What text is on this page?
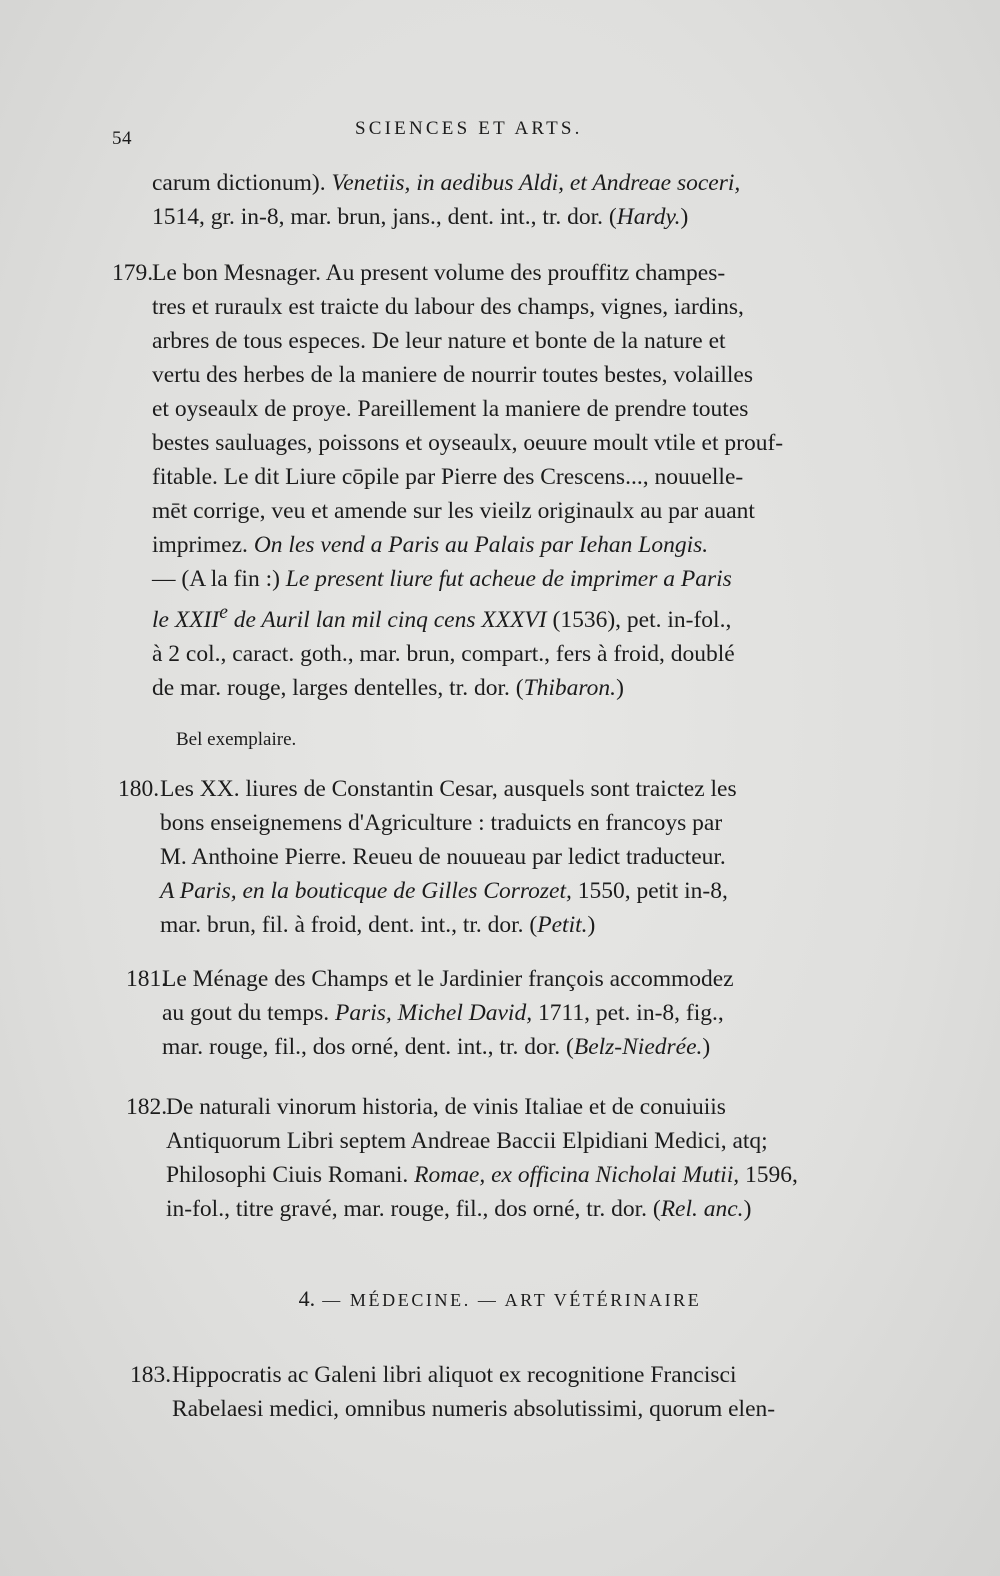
54	SCIENCES ET ARTS.
carum dictionum). Venetiis, in aedibus Aldi, et Andreae soceri,
1514, gr. in-8, mar. brun, jans., dent. int., tr. dor. (Hardy.)
179.
Le bon Mesnager. Au present volume des prouffitz champes-
tres et ruraulx est traicte du labour des champs, vignes, iardins,
arbres de tous especes. De leur nature et bonte de la nature et
vertu des herbes de la maniere de nourrir toutes bestes, volailles
et oyseaulx de proye. Pareillement la maniere de prendre toutes
bestes sauluages, poissons et oyseaulx, oeuure moult vtile et prouf-
fitable. Le dit Liure cōpile par Pierre des Crescens..., nouuelle-
mēt corrige, veu et amende sur les vieilz originaulx au par auant
imprimez. On les vend a Paris au Palais par Iehan Longis.
— (A la fin :) Le present liure fut acheue de imprimer a Paris
le XXIIe de Auril lan mil cinq cens XXXVI (1536), pet. in-fol.,
à 2 col., caract. goth., mar. brun, compart., fers à froid, doublé
de mar. rouge, larges dentelles, tr. dor. (Thibaron.)
Bel exemplaire.
180. Les XX. liures de Constantin Cesar, ausquels sont traictez les
bons enseignemens d'Agriculture : traduicts en francoys par
M. Anthoine Pierre. Reueu de nouueau par ledict traducteur.
A Paris, en la bouticque de Gilles Corrozet, 1550, petit in-8,
mar. brun, fil. à froid, dent. int., tr. dor. (Petit.)
181.
Le Ménage des Champs et le Jardinier françois accommodez
au gout du temps. Paris, Michel David, 1711, pet. in-8, fig.,
mar. rouge, fil., dos orné, dent. int., tr. dor. (Belz-Niedrée.)
182.
De naturali vinorum historia, de vinis Italiae et de conuiuiis
Antiquorum Libri septem Andreae Baccii Elpidiani Medici, atq;
Philosophi Ciuis Romani. Romae, ex officina Nicholai Mutii, 1596,
in-fol., titre gravé, mar. rouge, fil., dos orné, tr. dor. (Rel. anc.)
4. — MÉDECINE. — ART VÉTÉRINAIRE
183. Hippocratis ac Galeni libri aliquot ex recognitione Francisci
Rabelaesi medici, omnibus numeris absolutissimi, quorum elen-
